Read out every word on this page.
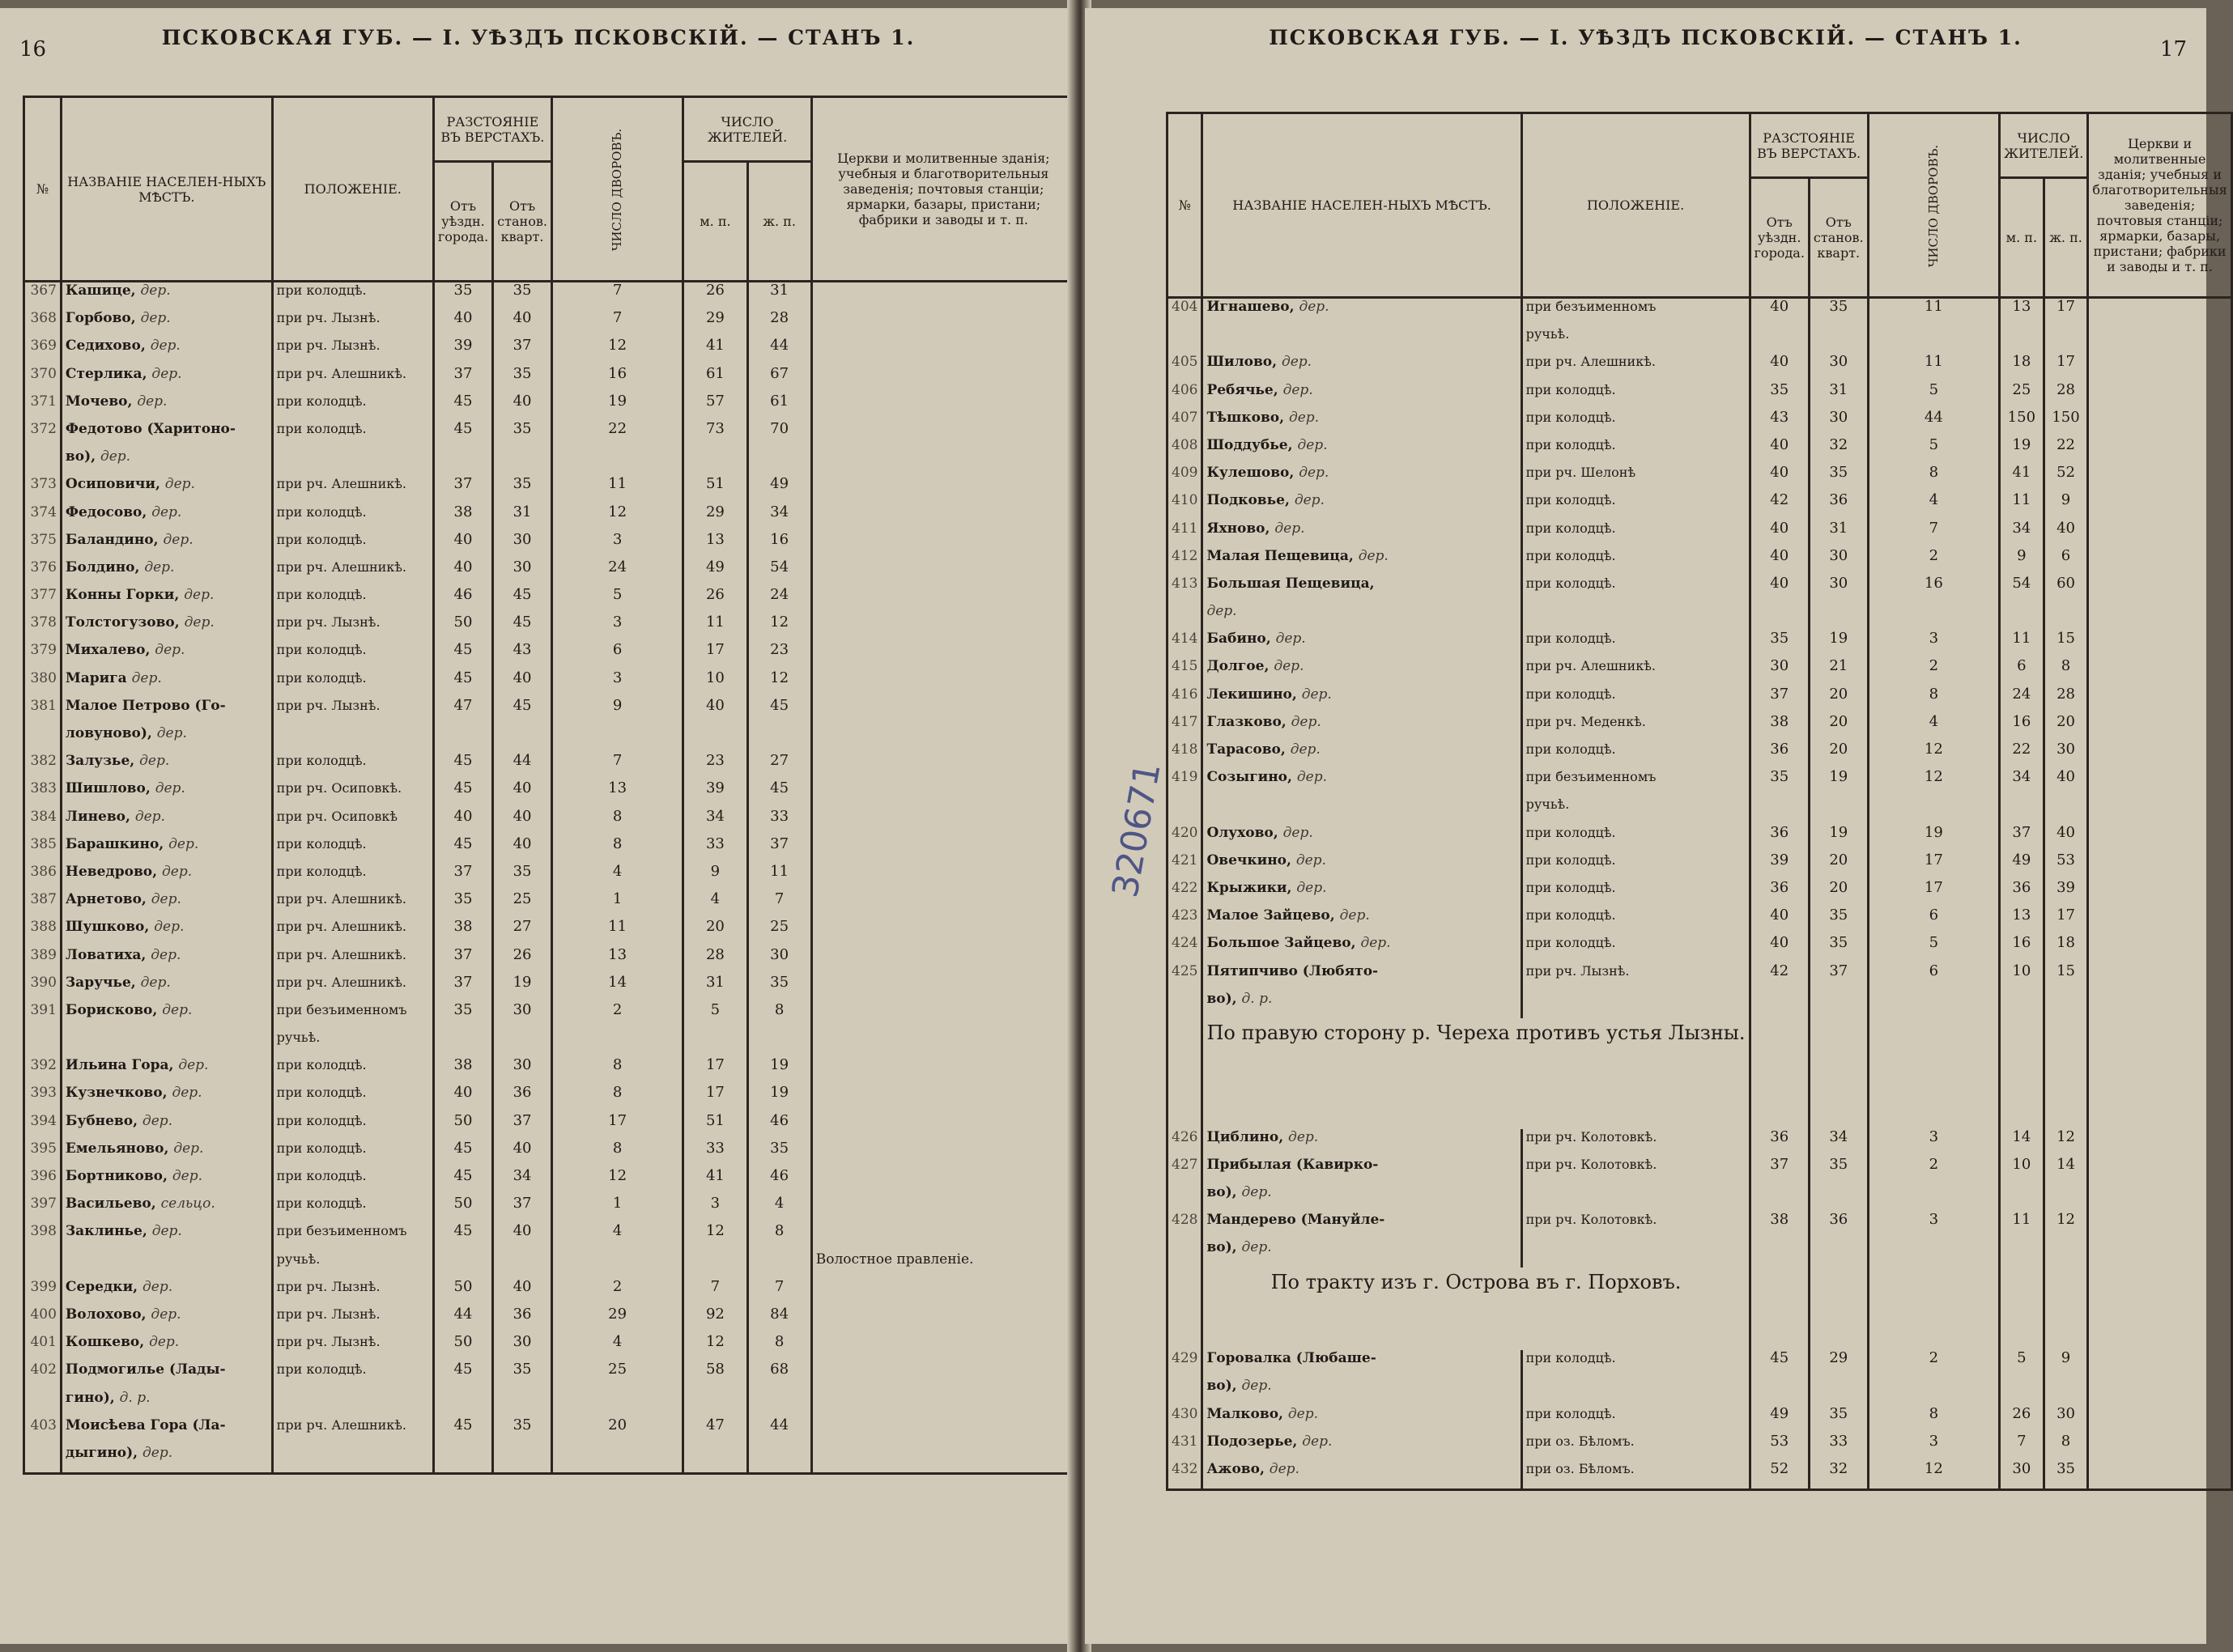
16	ПСКОВСКАЯ ГУБ. — I. УѢЗДЪ ПСКОВСКІЙ. — СТАНЪ 1.
№	НАЗВАНІЕ НАСЕЛЕН-НЫХЪ МѢСТЪ.	ПОЛОЖЕНІЕ.	РАЗСТОЯНІЕ ВЪ ВЕРСТАХЪ.		ЧИСЛО ДВОРОВЪ.	ЧИСЛО ЖИТЕЛЕЙ.		Церкви и молитвенные зданія; учебныя и благотворительныя заведенія; почтовыя станціи; ярмарки, базары, пристани; фабрики и заводы и т. п.
			Отъ уѣздн. города.	Отъ станов. кварт.		м. п.	ж. п.	
367	Кашице, дер.	при колодцѣ.	35	35	7	26	31	
368	Горбово, дер.	при рч. Лызнѣ.	40	40	7	29	28	
369	Седихово, дер.	при рч. Лызнѣ.	39	37	12	41	44	
370	Стерлика, дер.	при рч. Алешникѣ.	37	35	16	61	67	
371	Мочево, дер.	при колодцѣ.	45	40	19	57	61	
372	Федотово (Харитоно-	при колодцѣ.	45	35	22	73	70	
	во), дер.							
373	Осиповичи, дер.	при рч. Алешникѣ.	37	35	11	51	49	
374	Федосово, дер.	при колодцѣ.	38	31	12	29	34	
375	Баландино, дер.	при колодцѣ.	40	30	3	13	16	
376	Болдино, дер.	при рч. Алешникѣ.	40	30	24	49	54	
377	Конны Горки, дер.	при колодцѣ.	46	45	5	26	24	
378	Толстогузово, дер.	при рч. Лызнѣ.	50	45	3	11	12	
379	Михалево, дер.	при колодцѣ.	45	43	6	17	23	
380	Марига дер.	при колодцѣ.	45	40	3	10	12	
381	Малое Петрово (Го-	при рч. Лызнѣ.	47	45	9	40	45	
	ловуново), дер.							
382	Залузье, дер.	при колодцѣ.	45	44	7	23	27	
383	Шишлово, дер.	при рч. Осиповкѣ.	45	40	13	39	45	
384	Линево, дер.	при рч. Осиповкѣ	40	40	8	34	33	
385	Барашкино, дер.	при колодцѣ.	45	40	8	33	37	
386	Неведрово, дер.	при колодцѣ.	37	35	4	9	11	
387	Арнетово, дер.	при рч. Алешникѣ.	35	25	1	4	7	
388	Шушково, дер.	при рч. Алешникѣ.	38	27	11	20	25	
389	Ловатиха, дер.	при рч. Алешникѣ.	37	26	13	28	30	
390	Заручье, дер.	при рч. Алешникѣ.	37	19	14	31	35	
391	Борисково, дер.	при безъименномъ	35	30	2	5	8	
		ручьѣ.						
392	Ильина Гора, дер.	при колодцѣ.	38	30	8	17	19	
393	Кузнечково, дер.	при колодцѣ.	40	36	8	17	19	
394	Бубнево, дер.	при колодцѣ.	50	37	17	51	46	
395	Емельяново, дер.	при колодцѣ.	45	40	8	33	35	
396	Бортниково, дер.	при колодцѣ.	45	34	12	41	46	
397	Васильево, сельцо.	при колодцѣ.	50	37	1	3	4	
398	Заклинье, дер.	при безъименномъ	45	40	4	12	8	
		ручьѣ.						Волостное правленіе.
399	Середки, дер.	при рч. Лызнѣ.	50	40	2	7	7	
400	Волохово, дер.	при рч. Лызнѣ.	44	36	29	92	84	
401	Кошкево, дер.	при рч. Лызнѣ.	50	30	4	12	8	
402	Подмогилье (Лады-	при колодцѣ.	45	35	25	58	68	
	гино), д. р.							
403	Моисѣева Гора (Ла-	при рч. Алешникѣ.	45	35	20	47	44	
	дыгино), дер.							
17
ПСКОВСКАЯ ГУБ. — I. УѢЗДЪ ПСКОВСКІЙ. — СТАНЪ 1.
№	НАЗВАНІЕ НАСЕЛЕН-НЫХЪ МѢСТЪ.	ПОЛОЖЕНІЕ.	РАЗСТОЯНІЕ ВЪ ВЕРСТАХЪ.		ЧИСЛО ДВОРОВЪ.	ЧИСЛО ЖИТЕЛЕЙ.		Церкви и молитвенные зданія; учебныя и благотворительныя заведенія; почтовыя станціи; ярмарки, базары, пристани; фабрики и заводы и т. п.
			Отъ уѣздн. города.	Отъ станов. кварт.		м. п.	ж. п.	
404	Игнашево, дер.	при безъименномъ	40	35	11	13	17	
		ручьѣ.						
405	Шилово, дер.	при рч. Алешникѣ.	40	30	11	18	17	
406	Ребячье, дер.	при колодцѣ.	35	31	5	25	28	
407	Тѣшково, дер.	при колодцѣ.	43	30	44	150	150	
408	Шоддубье, дер.	при колодцѣ.	40	32	5	19	22	
409	Кулешово, дер.	при рч. Шелонѣ	40	35	8	41	52	
410	Подковье, дер.	при колодцѣ.	42	36	4	11	9	
411	Яхново, дер.	при колодцѣ.	40	31	7	34	40	
412	Малая Пещевица, дер.	при колодцѣ.	40	30	2	9	6	
413	Большая Пещевица,	при колодцѣ.	40	30	16	54	60	
	дер.							
414	Бабино, дер.	при колодцѣ.	35	19	3	11	15	
415	Долгое, дер.	при рч. Алешникѣ.	30	21	2	6	8	
416	Лекишино, дер.	при колодцѣ.	37	20	8	24	28	
417	Глазково, дер.	при рч. Меденкѣ.	38	20	4	16	20	
418	Тарасово, дер.	при колодцѣ.	36	20	12	22	30	
419	Созыгино, дер.	при безъименномъ	35	19	12	34	40	
		ручьѣ.						
420	Олухово, дер.	при колодцѣ.	36	19	19	37	40	
421	Овечкино, дер.	при колодцѣ.	39	20	17	49	53	
422	Крыжики, дер.	при колодцѣ.	36	20	17	36	39	
423	Малое Зайцево, дер.	при колодцѣ.	40	35	6	13	17	
424	Большое Зайцево, дер.	при колодцѣ.	40	35	5	16	18	
425	Пятипчиво (Любято-	при рч. Лызнѣ.	42	37	6	10	15	
	во), д. р.							
	По правую сторону р. Череха противъ устья Лызны.							
426	Циблино, дер.	при рч. Колотовкѣ.	36	34	3	14	12	
427	Прибылая (Кавирко-	при рч. Колотовкѣ.	37	35	2	10	14	
	во), дер.							
428	Мандерево (Мануйле-	при рч. Колотовкѣ.	38	36	3	11	12	
	во), дер.							
	По тракту изъ г. Острова въ г. Порховъ.							
429	Горовалка (Любаше-	при колодцѣ.	45	29	2	5	9	
	во), дер.							
430	Малково, дер.	при колодцѣ.	49	35	8	26	30	
431	Подозерье, дер.	при оз. Бѣломъ.	53	33	3	7	8	
432	Ажово, дер.	при оз. Бѣломъ.	52	32	12	30	35	
320671
